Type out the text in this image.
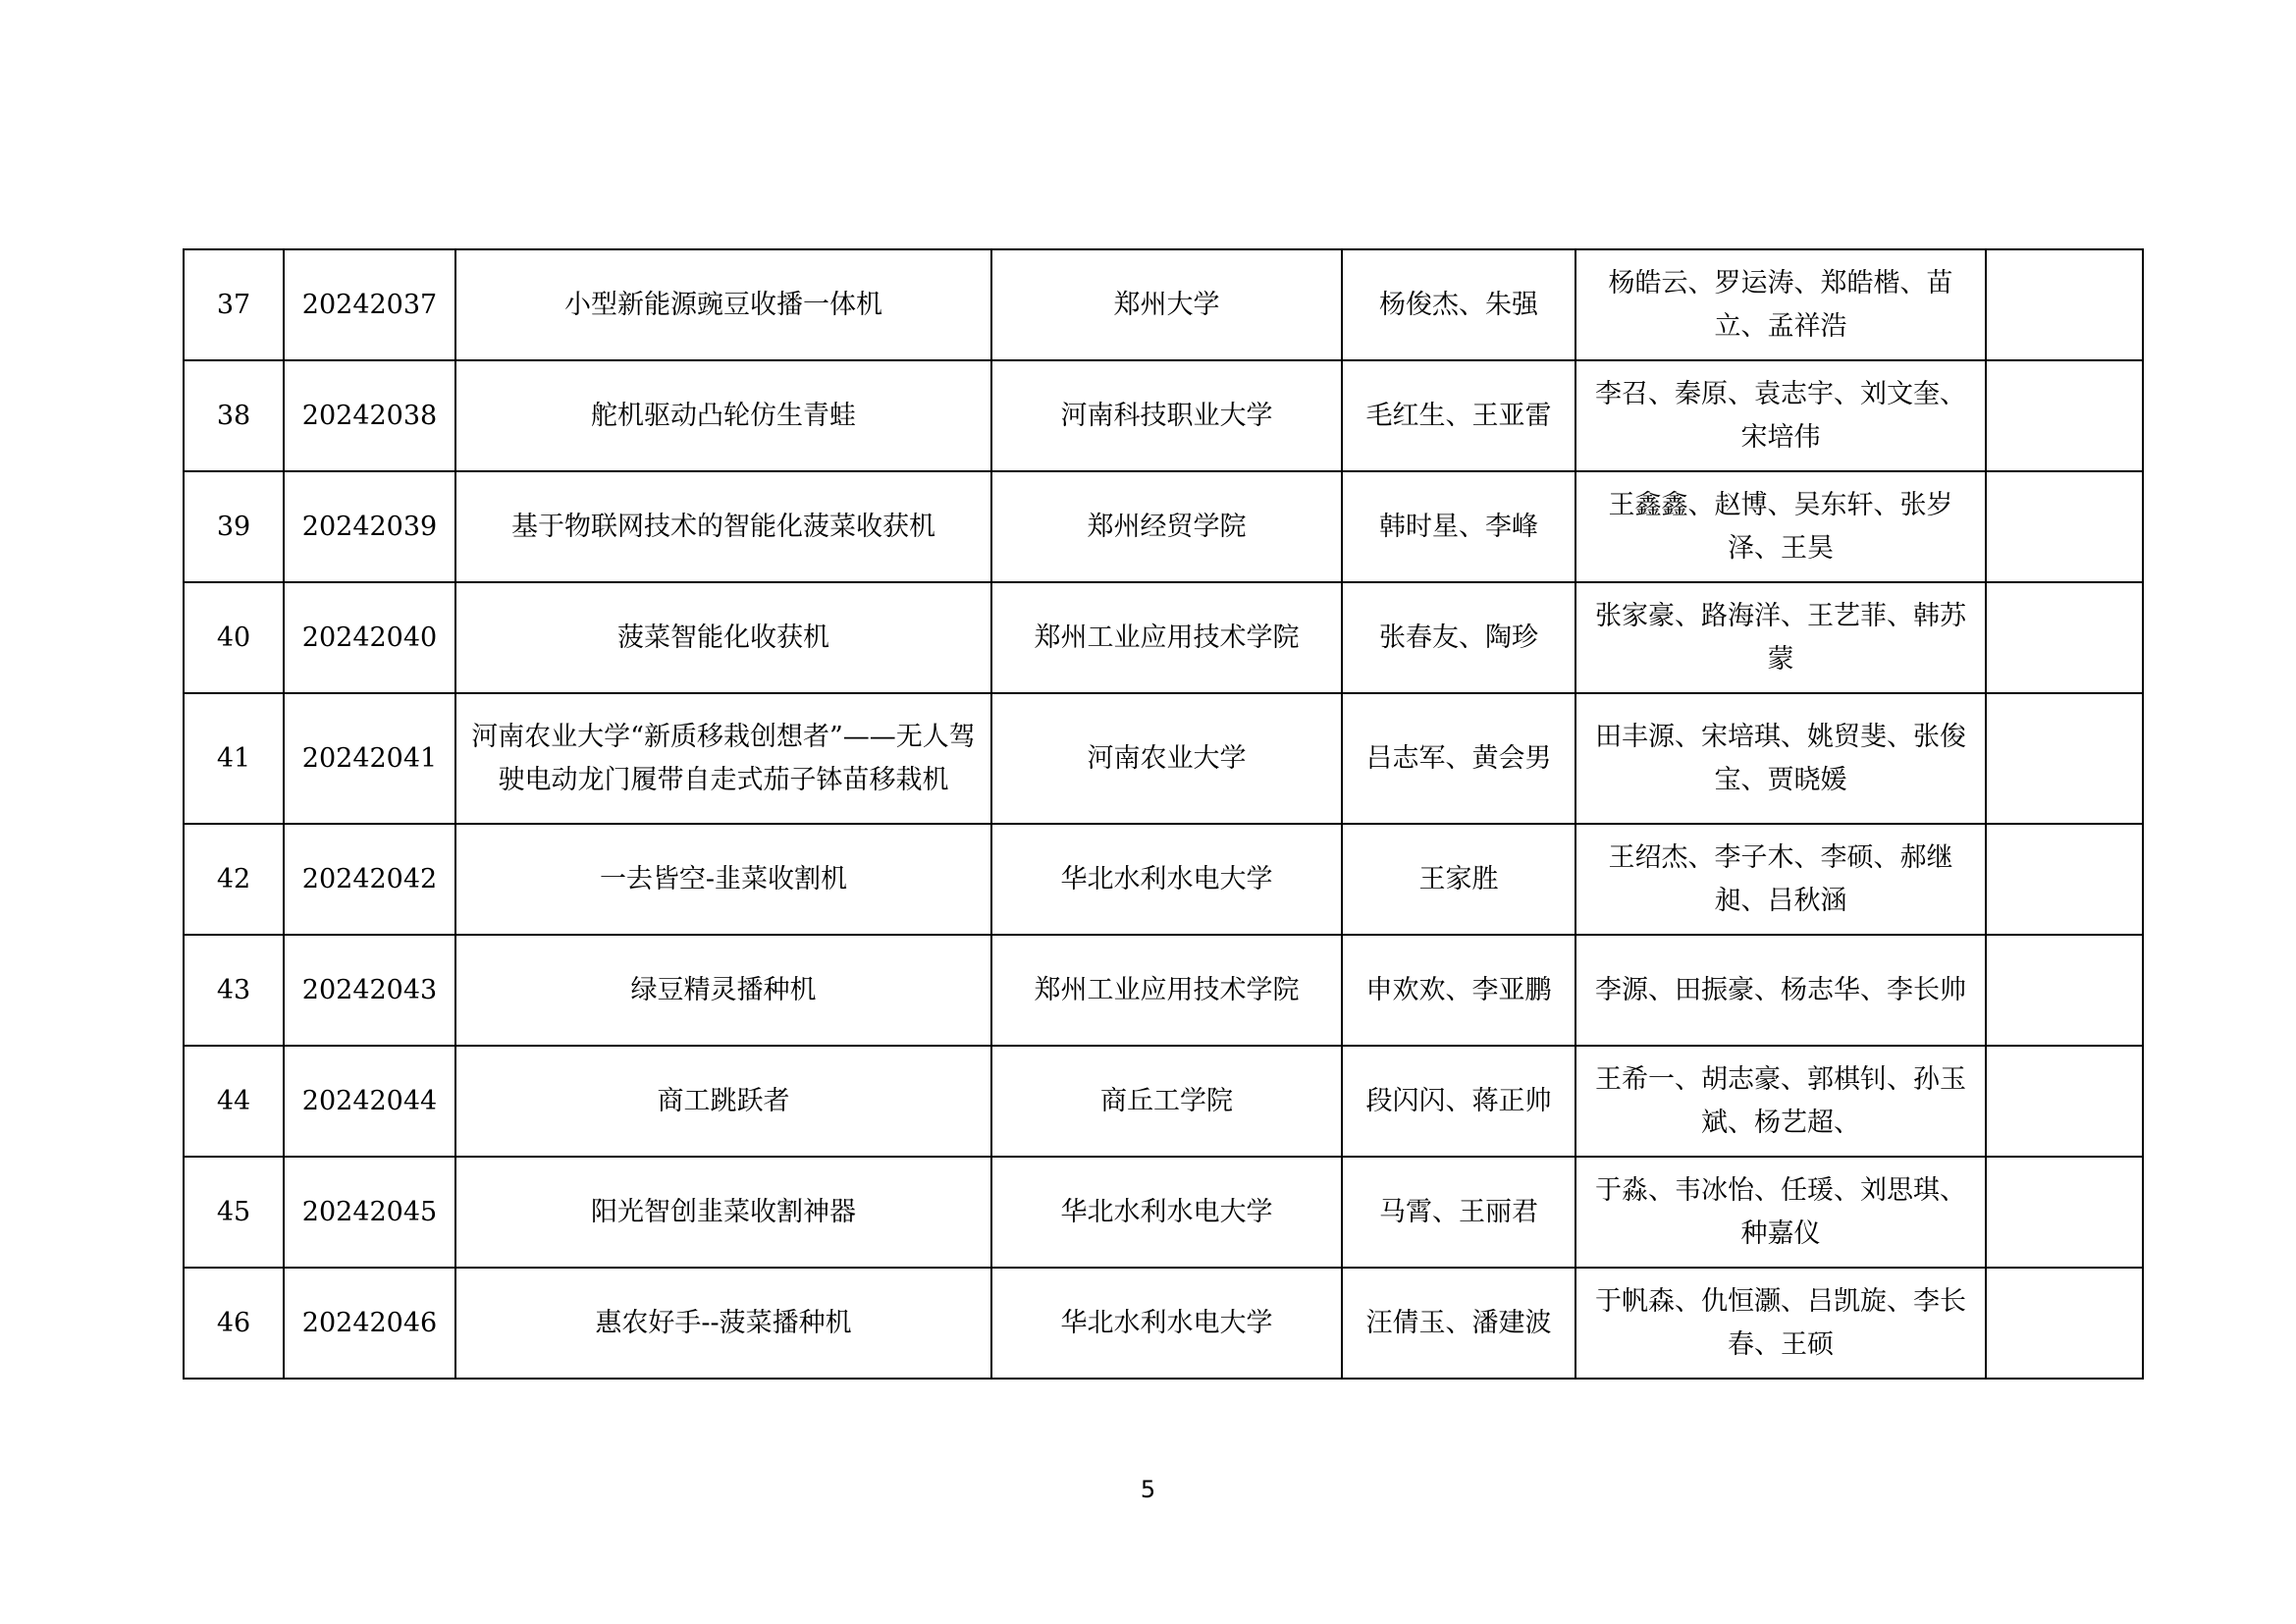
37	20242037	小型新能源豌豆收播一体机	郑州大学	杨俊杰、朱强	杨皓云、罗运涛、郑皓楷、苗立、孟祥浩	
38	20242038	舵机驱动凸轮仿生青蛙	河南科技职业大学	毛红生、王亚雷	李召、秦原、袁志宇、刘文奎、宋培伟	
39	20242039	基于物联网技术的智能化菠菜收获机	郑州经贸学院	韩时星、李峰	王鑫鑫、赵博、吴东轩、张岁泽、王昊	
40	20242040	菠菜智能化收获机	郑州工业应用技术学院	张春友、陶珍	张家豪、路海洋、王艺菲、韩苏蒙	
41	20242041	河南农业大学“新质移栽创想者”——无人驾驶电动龙门履带自走式茄子钵苗移栽机	河南农业大学	吕志军、黄会男	田丰源、宋培琪、姚贸斐、张俊宝、贾晓媛	
42	20242042	一去皆空-韭菜收割机	华北水利水电大学	王家胜	王绍杰、李子木、李硕、郝继昶、吕秋涵	
43	20242043	绿豆精灵播种机	郑州工业应用技术学院	申欢欢、李亚鹏	李源、田振豪、杨志华、李长帅	
44	20242044	商工跳跃者	商丘工学院	段闪闪、蒋正帅	王希一、胡志豪、郭棋钊、孙玉斌、杨艺超、	
45	20242045	阳光智创韭菜收割神器	华北水利水电大学	马霄、王丽君	于淼、韦冰怡、任瑗、刘思琪、种嘉仪	
46	20242046	惠农好手--菠菜播种机	华北水利水电大学	汪倩玉、潘建波	于帆森、仇恒灏、吕凯旋、李长春、王硕	
5
